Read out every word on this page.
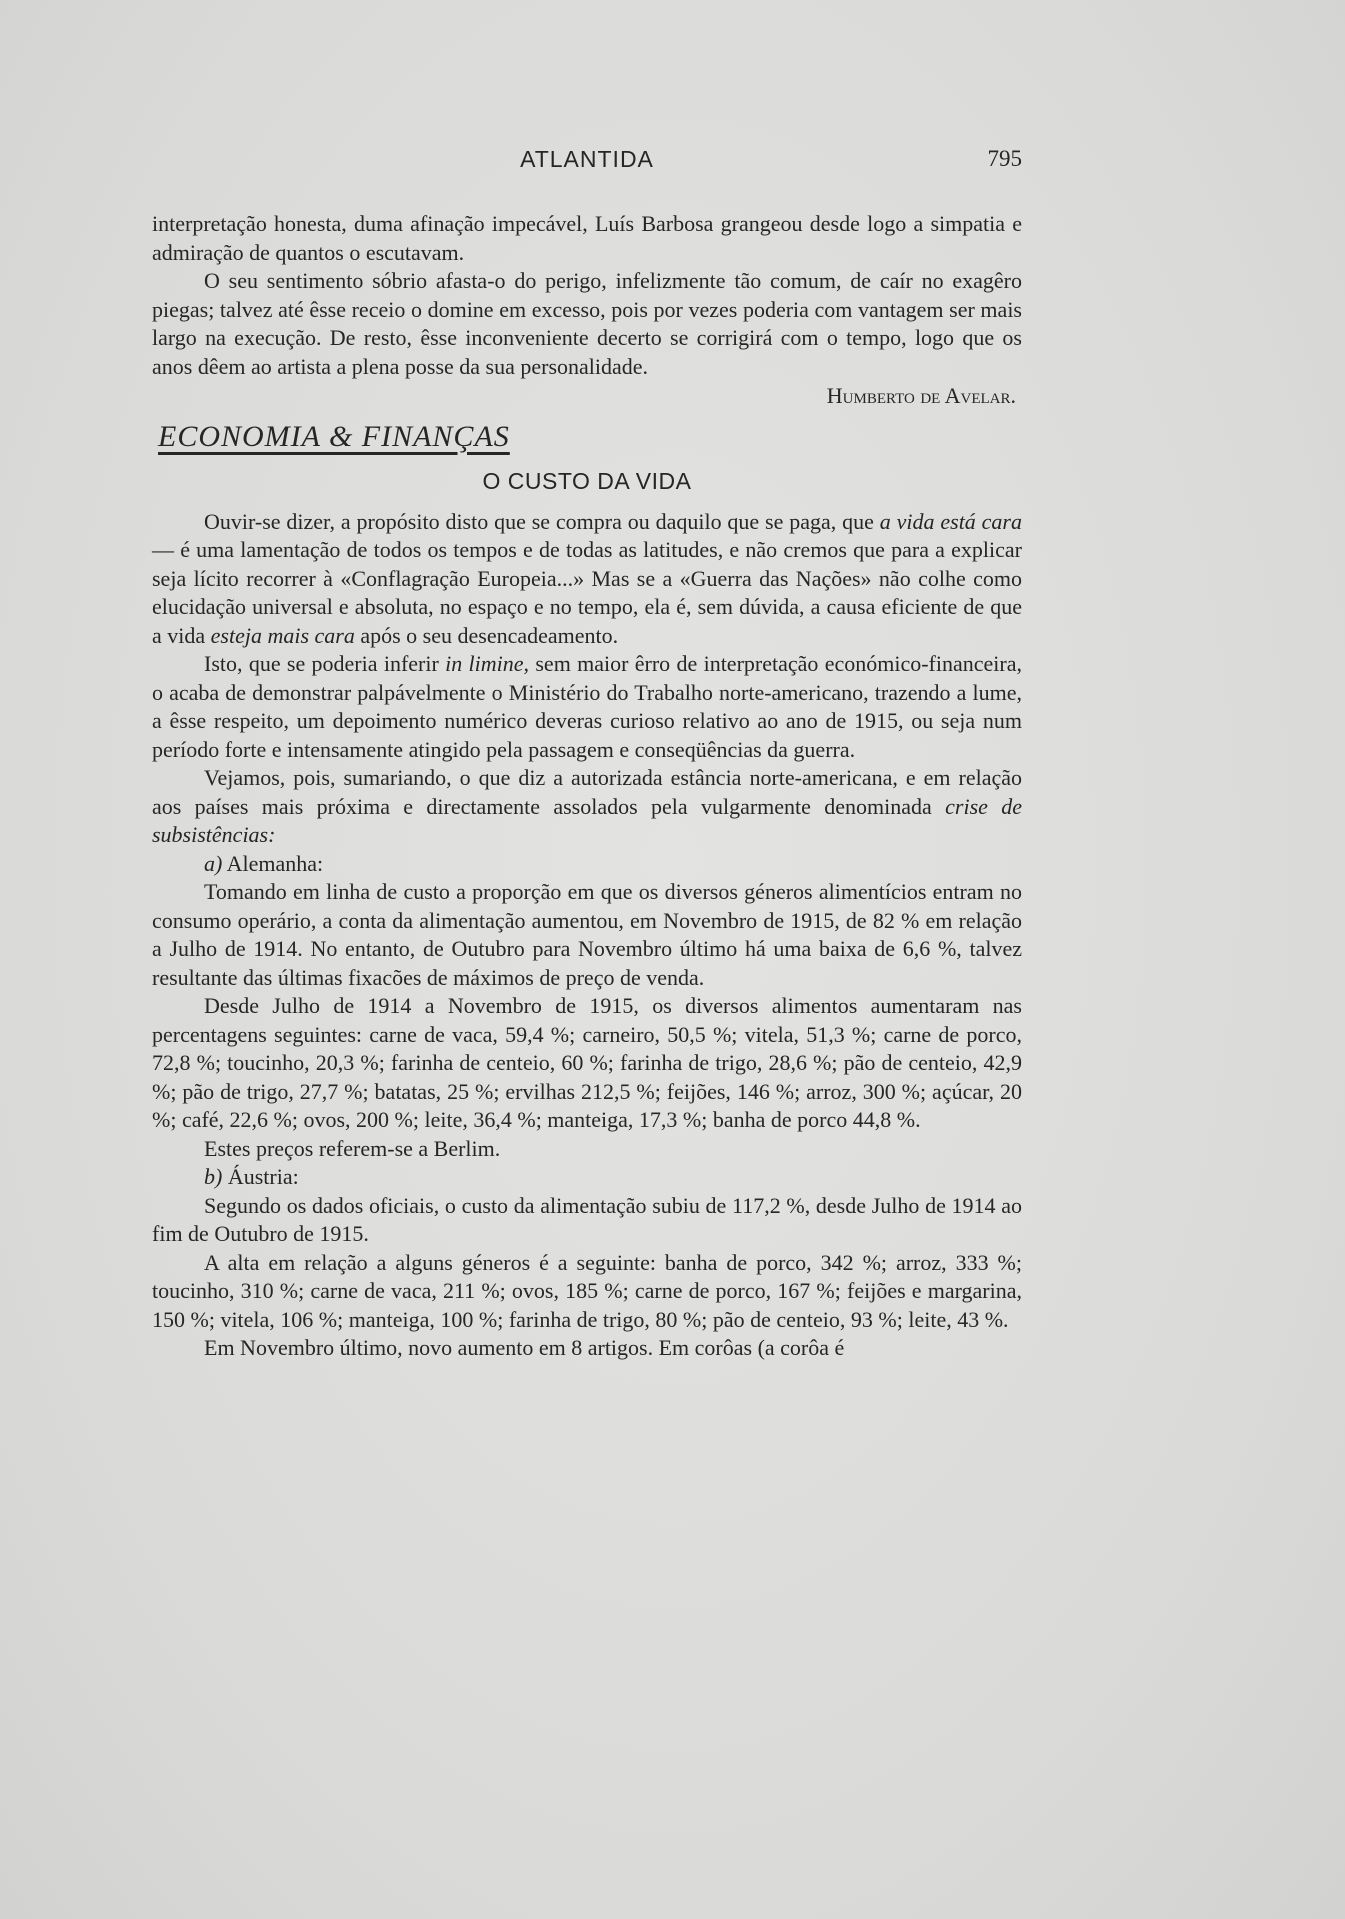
ATLANTIDA	795

interpretação honesta, duma afinação impecável, Luís Barbosa grangeou desde logo a simpatia e admiração de quantos o escutavam.

O seu sentimento sóbrio afasta-o do perigo, infelizmente tão comum, de caír no exagêro piegas; talvez até êsse receio o domine em excesso, pois por vezes poderia com vantagem ser mais largo na execução. De resto, êsse inconveniente decerto se corrigirá com o tempo, logo que os anos dêem ao artista a plena posse da sua personalidade.

Humberto de Avelar.
ECONOMIA & FINANÇAS
O CUSTO DA VIDA

Ouvir-se dizer, a propósito disto que se compra ou daquilo que se paga, que a vida está cara — é uma lamentação de todos os tempos e de todas as latitudes, e não cremos que para a explicar seja lícito recorrer à «Conflagração Europeia...» Mas se a «Guerra das Nações» não colhe como elucidação universal e absoluta, no espaço e no tempo, ela é, sem dúvida, a causa eficiente de que a vida esteja mais cara após o seu desencadeamento.

Isto, que se poderia inferir in limine, sem maior êrro de interpretação económico-financeira, o acaba de demonstrar palpávelmente o Ministério do Trabalho norte-americano, trazendo a lume, a êsse respeito, um depoimento numérico deveras curioso relativo ao ano de 1915, ou seja num período forte e intensamente atingido pela passagem e conseqüências da guerra.

Vejamos, pois, sumariando, o que diz a autorizada estância norte-americana, e em relação aos países mais próxima e directamente assolados pela vulgarmente denominada crise de subsistências:

a) Alemanha:

Tomando em linha de custo a proporção em que os diversos géneros alimentícios entram no consumo operário, a conta da alimentação aumentou, em Novembro de 1915, de 82 % em relação a Julho de 1914. No entanto, de Outubro para Novembro último há uma baixa de 6,6 %, talvez resultante das últimas fixacões de máximos de preço de venda.

Desde Julho de 1914 a Novembro de 1915, os diversos alimentos aumentaram nas percentagens seguintes: carne de vaca, 59,4 %; carneiro, 50,5 %; vitela, 51,3 %; carne de porco, 72,8 %; toucinho, 20,3 %; farinha de centeio, 60 %; farinha de trigo, 28,6 %; pão de centeio, 42,9 %; pão de trigo, 27,7 %; batatas, 25 %; ervilhas 212,5 %; feijões, 146 %; arroz, 300 %; açúcar, 20 %; café, 22,6 %; ovos, 200 %; leite, 36,4 %; manteiga, 17,3 %; banha de porco 44,8 %.

Estes preços referem-se a Berlim.

b) Áustria:

Segundo os dados oficiais, o custo da alimentação subiu de 117,2 %, desde Julho de 1914 ao fim de Outubro de 1915.

A alta em relação a alguns géneros é a seguinte: banha de porco, 342 %; arroz, 333 %; toucinho, 310 %; carne de vaca, 211 %; ovos, 185 %; carne de porco, 167 %; feijões e margarina, 150 %; vitela, 106 %; manteiga, 100 %; farinha de trigo, 80 %; pão de centeio, 93 %; leite, 43 %.

Em Novembro último, novo aumento em 8 artigos. Em corôas (a corôa é
